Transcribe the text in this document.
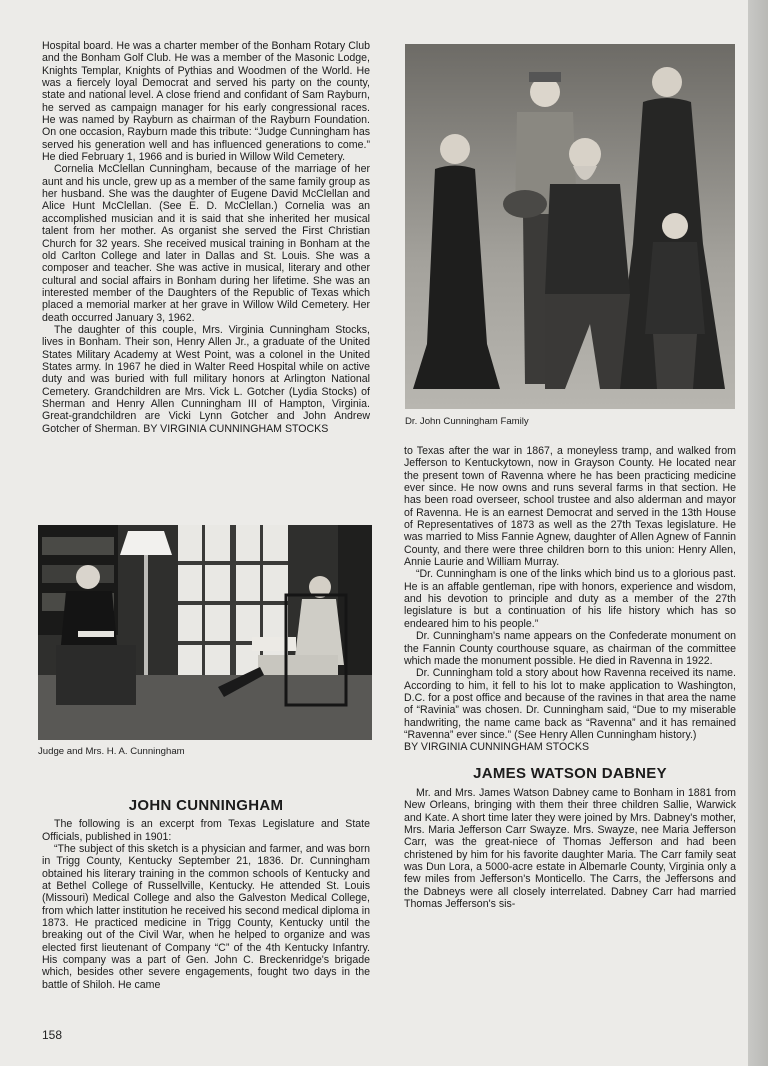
Hospital board. He was a charter member of the Bonham Rotary Club and the Bonham Golf Club. He was a member of the Masonic Lodge, Knights Templar, Knights of Pythias and Woodmen of the World. He was a fiercely loyal Democrat and served his party on the county, state and national level. A close friend and confidant of Sam Rayburn, he served as campaign manager for his early congressional races. He was named by Rayburn as chairman of the Rayburn Foundation. On one occasion, Rayburn made this tribute: “Judge Cunningham has served his generation well and has influenced generations to come.” He died February 1, 1966 and is buried in Willow Wild Cemetery.

Cornelia McClellan Cunningham, because of the marriage of her aunt and his uncle, grew up as a member of the same family group as her husband. She was the daughter of Eugene David McClellan and Alice Hunt McClellan. (See E. D. McClellan.) Cornelia was an accomplished musician and it is said that she inherited her musical talent from her mother. As organist she served the First Christian Church for 32 years. She received musical training in Bonham at the old Carlton College and later in Dallas and St. Louis. She was a composer and teacher. She was active in musical, literary and other cultural and social affairs in Bonham during her lifetime. She was an interested member of the Daughters of the Republic of Texas which placed a memorial marker at her grave in Willow Wild Cemetery. Her death occurred January 3, 1962.

The daughter of this couple, Mrs. Virginia Cunningham Stocks, lives in Bonham. Their son, Henry Allen Jr., a graduate of the United States Military Academy at West Point, was a colonel in the United States army. In 1967 he died in Walter Reed Hospital while on active duty and was buried with full military honors at Arlington National Cemetery. Grandchildren are Mrs. Vick L. Gotcher (Lydia Stocks) of Sherman and Henry Allen Cunningham III of Hampton, Virginia. Great-grandchildren are Vicki Lynn Gotcher and John Andrew Gotcher of Sherman. BY VIRGINIA CUNNINGHAM STOCKS

Dr. John Cunningham Family
Judge and Mrs. H. A. Cunningham
JOHN CUNNINGHAM

The following is an excerpt from Texas Legislature and State Officials, published in 1901:

“The subject of this sketch is a physician and farmer, and was born in Trigg County, Kentucky September 21, 1836. Dr. Cunningham obtained his literary training in the common schools of Kentucky and at Bethel College of Russellville, Kentucky. He attended St. Louis (Missouri) Medical College and also the Galveston Medical College, from which latter institution he received his second medical diploma in 1873. He practiced medicine in Trigg County, Kentucky until the breaking out of the Civil War, when he helped to organize and was elected first lieutenant of Company “C” of the 4th Kentucky Infantry. His company was a part of Gen. John C. Breckenridge's brigade which, besides other severe engagements, fought two days in the battle of Shiloh. He came

to Texas after the war in 1867, a moneyless tramp, and walked from Jefferson to Kentuckytown, now in Grayson County. He located near the present town of Ravenna where he has been practicing medicine ever since. He now owns and runs several farms in that section. He has been road overseer, school trustee and also alderman and mayor of Ravenna. He is an earnest Democrat and served in the 13th House of Representatives of 1873 as well as the 27th Texas legislature. He was married to Miss Fannie Agnew, daughter of Allen Agnew of Fannin County, and there were three children born to this union: Henry Allen, Annie Laurie and William Murray.

“Dr. Cunningham is one of the links which bind us to a glorious past. He is an affable gentleman, ripe with honors, experience and wisdom, and his devotion to principle and duty as a member of the 27th legislature is but a continuation of his life history which has so endeared him to his people.”

Dr. Cunningham's name appears on the Confederate monument on the Fannin County courthouse square, as chairman of the committee which made the monument possible. He died in Ravenna in 1922.

Dr. Cunningham told a story about how Ravenna received its name. According to him, it fell to his lot to make application to Washington, D.C. for a post office and because of the ravines in that area the name of “Ravinia” was chosen. Dr. Cunningham said, “Due to my miserable handwriting, the name came back as “Ravenna” and it has remained “Ravenna” ever since.” (See Henry Allen Cunningham history.)

BY VIRGINIA CUNNINGHAM STOCKS

JAMES WATSON DABNEY

Mr. and Mrs. James Watson Dabney came to Bonham in 1881 from New Orleans, bringing with them their three children Sallie, Warwick and Kate. A short time later they were joined by Mrs. Dabney's mother, Mrs. Maria Jefferson Carr Swayze. Mrs. Swayze, nee Maria Jefferson Carr, was the great-niece of Thomas Jefferson and had been christened by him for his favorite daughter Maria. The Carr family seat was Dun Lora, a 5000-acre estate in Albemarle County, Virginia only a few miles from Jefferson's Monticello. The Carrs, the Jeffersons and the Dabneys were all closely interrelated. Dabney Carr had married Thomas Jefferson's sis-

158
